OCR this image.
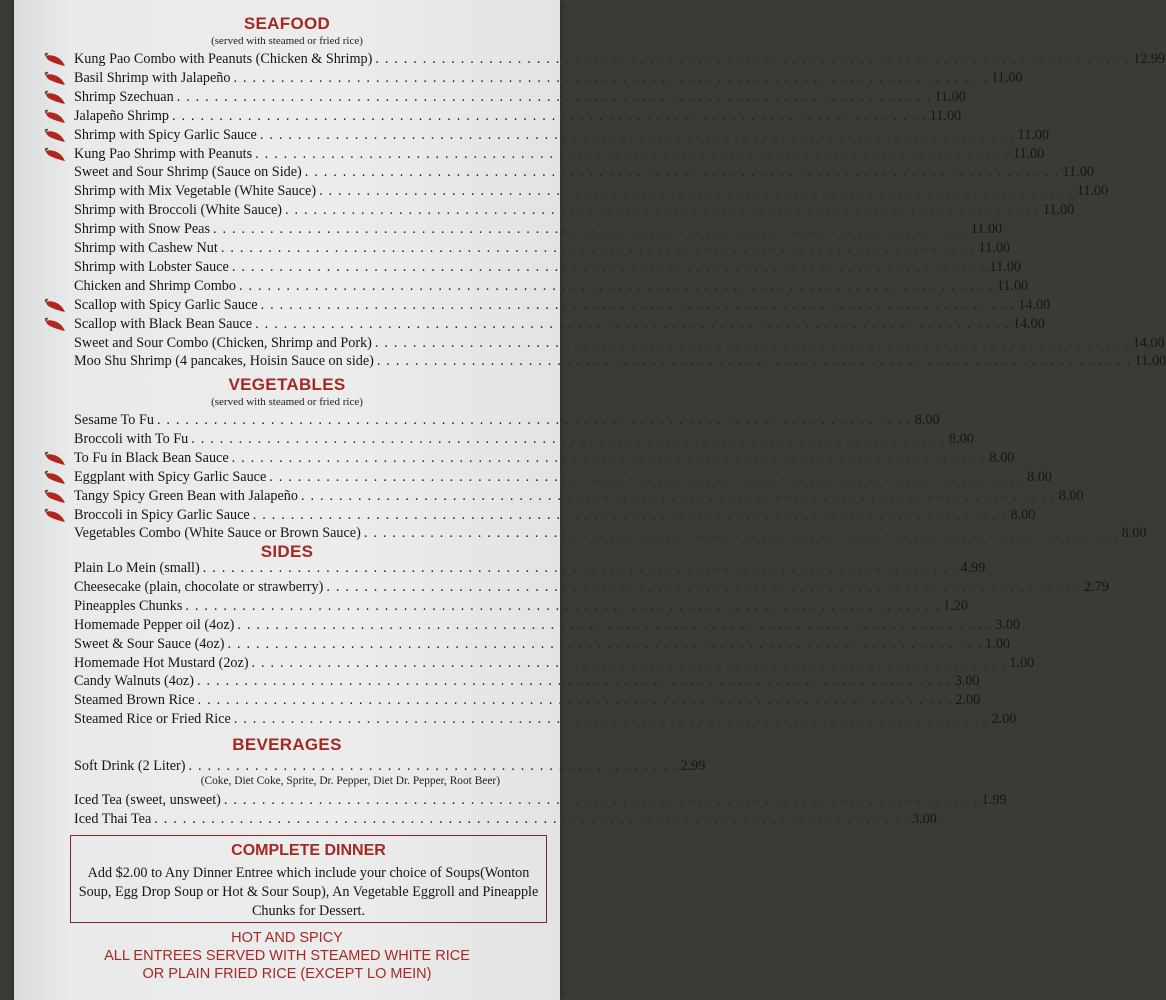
SEAFOOD
(served with steamed or fried rice)
VEGETABLES
(served with steamed or fried rice)
SIDES
BEVERAGES
Soft Drink (2 Liter) . . . . . . . . . . . . . . . . . . . . . . . . . . . . . . . . . . . . . . . . . . . . . . . . . . . . 2.99
(Coke, Diet Coke, Sprite, Dr. Pepper, Diet Dr. Pepper, Root Beer)
COMPLETE DINNER
Add $2.00 to Any Dinner Entree which include your choice of Soups(Wonton Soup, Egg Drop Soup or Hot & Sour Soup), An Vegetable Eggroll and Pineapple Chunks for Dessert.
HOT AND SPICY
ALL ENTREES SERVED WITH STEAMED WHITE RICE
OR PLAIN FRIED RICE (EXCEPT LO MEIN)
Kung Pao Combo with Peanuts (Chicken & Shrimp) . . . . . . . . . . . . . . . . . . . . . . . . . . . . . . . . . . . . . . . . . . . . . . . . . . . . . . . . . . . . . . . . . . . . . . . . . . . . . . . . 12.99
Basil Shrimp with Jalapeño . . . . . . . . . . . . . . . . . . . . . . . . . . . . . . . . . . . . . . . . . . . . . . . . . . . . . . . . . . . . . . . . . . . . . . . . . . . . . . . . 11.00
Shrimp Szechuan . . . . . . . . . . . . . . . . . . . . . . . . . . . . . . . . . . . . . . . . . . . . . . . . . . . . . . . . . . . . . . . . . . . . . . . . . . . . . . . . 11.00
Jalapeño Shrimp . . . . . . . . . . . . . . . . . . . . . . . . . . . . . . . . . . . . . . . . . . . . . . . . . . . . . . . . . . . . . . . . . . . . . . . . . . . . . . . . 11.00
Shrimp with Spicy Garlic Sauce . . . . . . . . . . . . . . . . . . . . . . . . . . . . . . . . . . . . . . . . . . . . . . . . . . . . . . . . . . . . . . . . . . . . . . . . . . . . . . . . 11.00
Kung Pao Shrimp with Peanuts . . . . . . . . . . . . . . . . . . . . . . . . . . . . . . . . . . . . . . . . . . . . . . . . . . . . . . . . . . . . . . . . . . . . . . . . . . . . . . . . 11.00
Sweet and Sour Shrimp (Sauce on Side) . . . . . . . . . . . . . . . . . . . . . . . . . . . . . . . . . . . . . . . . . . . . . . . . . . . . . . . . . . . . . . . . . . . . . . . . . . . . . . . . 11.00
Shrimp with Mix Vegetable (White Sauce) . . . . . . . . . . . . . . . . . . . . . . . . . . . . . . . . . . . . . . . . . . . . . . . . . . . . . . . . . . . . . . . . . . . . . . . . . . . . . . . . 11.00
Shrimp with Broccoli (White Sauce) . . . . . . . . . . . . . . . . . . . . . . . . . . . . . . . . . . . . . . . . . . . . . . . . . . . . . . . . . . . . . . . . . . . . . . . . . . . . . . . . 11.00
Shrimp with Snow Peas . . . . . . . . . . . . . . . . . . . . . . . . . . . . . . . . . . . . . . . . . . . . . . . . . . . . . . . . . . . . . . . . . . . . . . . . . . . . . . . . 11.00
Shrimp with Cashew Nut . . . . . . . . . . . . . . . . . . . . . . . . . . . . . . . . . . . . . . . . . . . . . . . . . . . . . . . . . . . . . . . . . . . . . . . . . . . . . . . . 11.00
Shrimp with Lobster Sauce . . . . . . . . . . . . . . . . . . . . . . . . . . . . . . . . . . . . . . . . . . . . . . . . . . . . . . . . . . . . . . . . . . . . . . . . . . . . . . . . 11.00
Chicken and Shrimp Combo . . . . . . . . . . . . . . . . . . . . . . . . . . . . . . . . . . . . . . . . . . . . . . . . . . . . . . . . . . . . . . . . . . . . . . . . . . . . . . . . 11.00
Scallop with Spicy Garlic Sauce . . . . . . . . . . . . . . . . . . . . . . . . . . . . . . . . . . . . . . . . . . . . . . . . . . . . . . . . . . . . . . . . . . . . . . . . . . . . . . . . 14.00
Scallop with Black Bean Sauce . . . . . . . . . . . . . . . . . . . . . . . . . . . . . . . . . . . . . . . . . . . . . . . . . . . . . . . . . . . . . . . . . . . . . . . . . . . . . . . . 14.00
Sweet and Sour Combo (Chicken, Shrimp and Pork) . . . . . . . . . . . . . . . . . . . . . . . . . . . . . . . . . . . . . . . . . . . . . . . . . . . . . . . . . . . . . . . . . . . . . . . . . . . . . . . . 14.00
Moo Shu Shrimp (4 pancakes, Hoisin Sauce on side) . . . . . . . . . . . . . . . . . . . . . . . . . . . . . . . . . . . . . . . . . . . . . . . . . . . . . . . . . . . . . . . . . . . . . . . . . . . . . . . . 11.00
Sesame To Fu . . . . . . . . . . . . . . . . . . . . . . . . . . . . . . . . . . . . . . . . . . . . . . . . . . . . . . . . . . . . . . . . . . . . . . . . . . . . . . . . 8.00
Broccoli with To Fu . . . . . . . . . . . . . . . . . . . . . . . . . . . . . . . . . . . . . . . . . . . . . . . . . . . . . . . . . . . . . . . . . . . . . . . . . . . . . . . . 8.00
To Fu in Black Bean Sauce . . . . . . . . . . . . . . . . . . . . . . . . . . . . . . . . . . . . . . . . . . . . . . . . . . . . . . . . . . . . . . . . . . . . . . . . . . . . . . . . 8.00
Eggplant with Spicy Garlic Sauce . . . . . . . . . . . . . . . . . . . . . . . . . . . . . . . . . . . . . . . . . . . . . . . . . . . . . . . . . . . . . . . . . . . . . . . . . . . . . . . . 8.00
Tangy Spicy Green Bean with Jalapeño . . . . . . . . . . . . . . . . . . . . . . . . . . . . . . . . . . . . . . . . . . . . . . . . . . . . . . . . . . . . . . . . . . . . . . . . . . . . . . . . 8.00
Broccoli in Spicy Garlic Sauce . . . . . . . . . . . . . . . . . . . . . . . . . . . . . . . . . . . . . . . . . . . . . . . . . . . . . . . . . . . . . . . . . . . . . . . . . . . . . . . . 8.00
Vegetables Combo (White Sauce or Brown Sauce) . . . . . . . . . . . . . . . . . . . . . . . . . . . . . . . . . . . . . . . . . . . . . . . . . . . . . . . . . . . . . . . . . . . . . . . . . . . . . . . . 8.00
Plain Lo Mein (small) . . . . . . . . . . . . . . . . . . . . . . . . . . . . . . . . . . . . . . . . . . . . . . . . . . . . . . . . . . . . . . . . . . . . . . . . . . . . . . . . 4.99
Cheesecake (plain, chocolate or strawberry) . . . . . . . . . . . . . . . . . . . . . . . . . . . . . . . . . . . . . . . . . . . . . . . . . . . . . . . . . . . . . . . . . . . . . . . . . . . . . . . . 2.79
Pineapples Chunks . . . . . . . . . . . . . . . . . . . . . . . . . . . . . . . . . . . . . . . . . . . . . . . . . . . . . . . . . . . . . . . . . . . . . . . . . . . . . . . . 1.20
Homemade Pepper oil (4oz) . . . . . . . . . . . . . . . . . . . . . . . . . . . . . . . . . . . . . . . . . . . . . . . . . . . . . . . . . . . . . . . . . . . . . . . . . . . . . . . . 3.00
Sweet & Sour Sauce (4oz) . . . . . . . . . . . . . . . . . . . . . . . . . . . . . . . . . . . . . . . . . . . . . . . . . . . . . . . . . . . . . . . . . . . . . . . . . . . . . . . . 1.00
Homemade Hot Mustard (2oz) . . . . . . . . . . . . . . . . . . . . . . . . . . . . . . . . . . . . . . . . . . . . . . . . . . . . . . . . . . . . . . . . . . . . . . . . . . . . . . . . 1.00
Candy Walnuts (4oz) . . . . . . . . . . . . . . . . . . . . . . . . . . . . . . . . . . . . . . . . . . . . . . . . . . . . . . . . . . . . . . . . . . . . . . . . . . . . . . . . 3.00
Steamed Brown Rice . . . . . . . . . . . . . . . . . . . . . . . . . . . . . . . . . . . . . . . . . . . . . . . . . . . . . . . . . . . . . . . . . . . . . . . . . . . . . . . . 2.00
Steamed Rice or Fried Rice . . . . . . . . . . . . . . . . . . . . . . . . . . . . . . . . . . . . . . . . . . . . . . . . . . . . . . . . . . . . . . . . . . . . . . . . . . . . . . . . 2.00
Iced Tea (sweet, unsweet) . . . . . . . . . . . . . . . . . . . . . . . . . . . . . . . . . . . . . . . . . . . . . . . . . . . . . . . . . . . . . . . . . . . . . . . . . . . . . . . . 1.99
Iced Thai Tea . . . . . . . . . . . . . . . . . . . . . . . . . . . . . . . . . . . . . . . . . . . . . . . . . . . . . . . . . . . . . . . . . . . . . . . . . . . . . . . . 3.00
